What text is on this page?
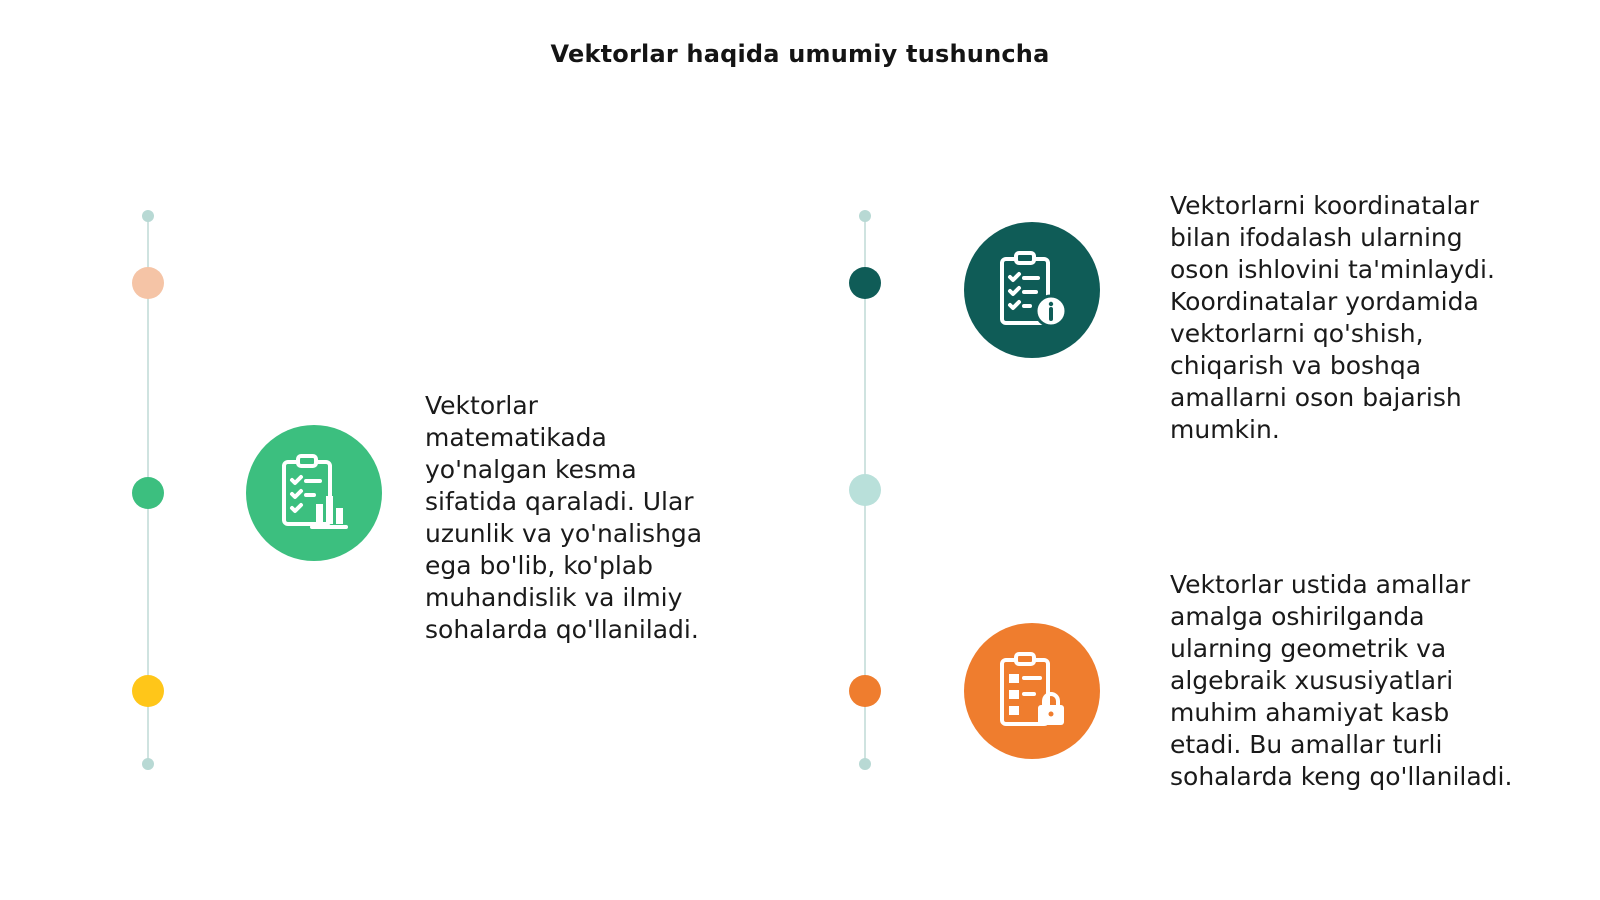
Vektorlar haqida umumiy tushuncha
Vektorlar
matematikada
yo'nalgan kesma
sifatida qaraladi. Ular
uzunlik va yo'nalishga
ega bo'lib, ko'plab
muhandislik va ilmiy
sohalarda qo'llaniladi.
Vektorlarni koordinatalar
bilan ifodalash ularning
oson ishlovini ta'minlaydi.
Koordinatalar yordamida
vektorlarni qo'shish,
chiqarish va boshqa
amallarni oson bajarish
mumkin.
Vektorlar ustida amallar
amalga oshirilganda
ularning geometrik va
algebraik xususiyatlari
muhim ahamiyat kasb
etadi. Bu amallar turli
sohalarda keng qo'llaniladi.
